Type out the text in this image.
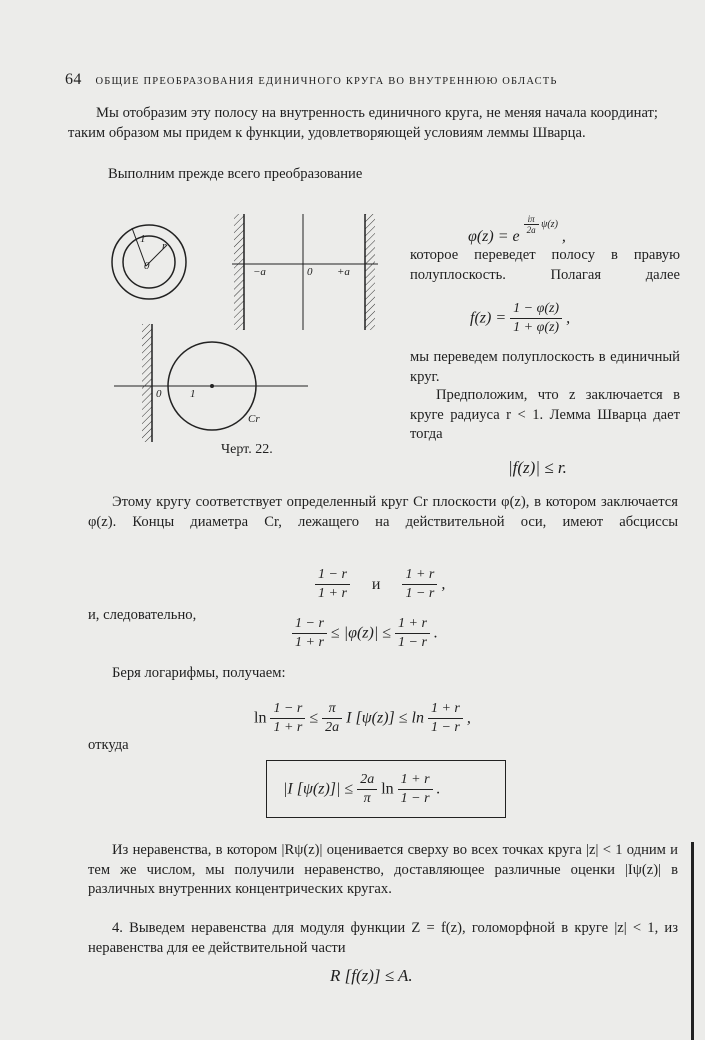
64 ОБЩИЕ ПРЕОБРАЗОВАНИЯ ЕДИНИЧНОГО КРУГА ВО ВНУТРЕННЮЮ ОБЛАСТЬ
Мы отобразим эту полосу на внутренность единичного круга, не меняя начала координат; таким образом мы придем к функции, удовлетворяющей условиям леммы Шварца.
Выполним прежде всего преобразование
φ(z) = e
$^{\frac{i\pi}{2a} \psi(z)}$ ,
которое переведет полосу в правую полуплоскость. Полагая далее
$f(z) = \frac{1 - \varphi(z)}{1 + \varphi(z)}$ ,
мы переведем полуплоскость в единичный круг.
Предположим, что z заключается в круге радиуса r < 1. Лемма Шварца дает тогда
|f(z)| ≤ r.
1
r
0	−a	0 +a
0	1
Cr
Черт. 22.
Этому кругу соответствует определенный круг Cr плоскости φ(z), в котором заключается φ(z). Концы диаметра Cr, лежащего на действительной оси, имеют абсциссы
$\frac{1 - r}{1 + r}$ и $\frac{1 + r}{1 - r}$ ,
и, следовательно,	$\frac{1 - r}{1 + r} \le |\varphi(z)| \le \frac{1 + r}{1 - r}$ .
Беря логарифмы, получаем:
$\ln \frac{1 - r}{1 + r} \le \frac{\pi}{2a}$ I $[\psi(z)] \le \ln \frac{1 + r}{1 - r}$ ,
откуда
|I $[\psi(z)]| \le \frac{2a}{\pi}$ $\ln \frac{1 + r}{1 - r}$ .
Из неравенства, в котором |Rψ(z)| оценивается сверху во всех точках круга |z| < 1 одним и тем же числом, мы получили неравенство, доставляющее различные оценки |Iψ(z)| в различных внутренних концентрических кругах.
4. Выведем неравенства для модуля функции Z = f(z), голоморфной в круге |z| < 1, из неравенства для ее действительной части
R [f(z)] ≤ A.
